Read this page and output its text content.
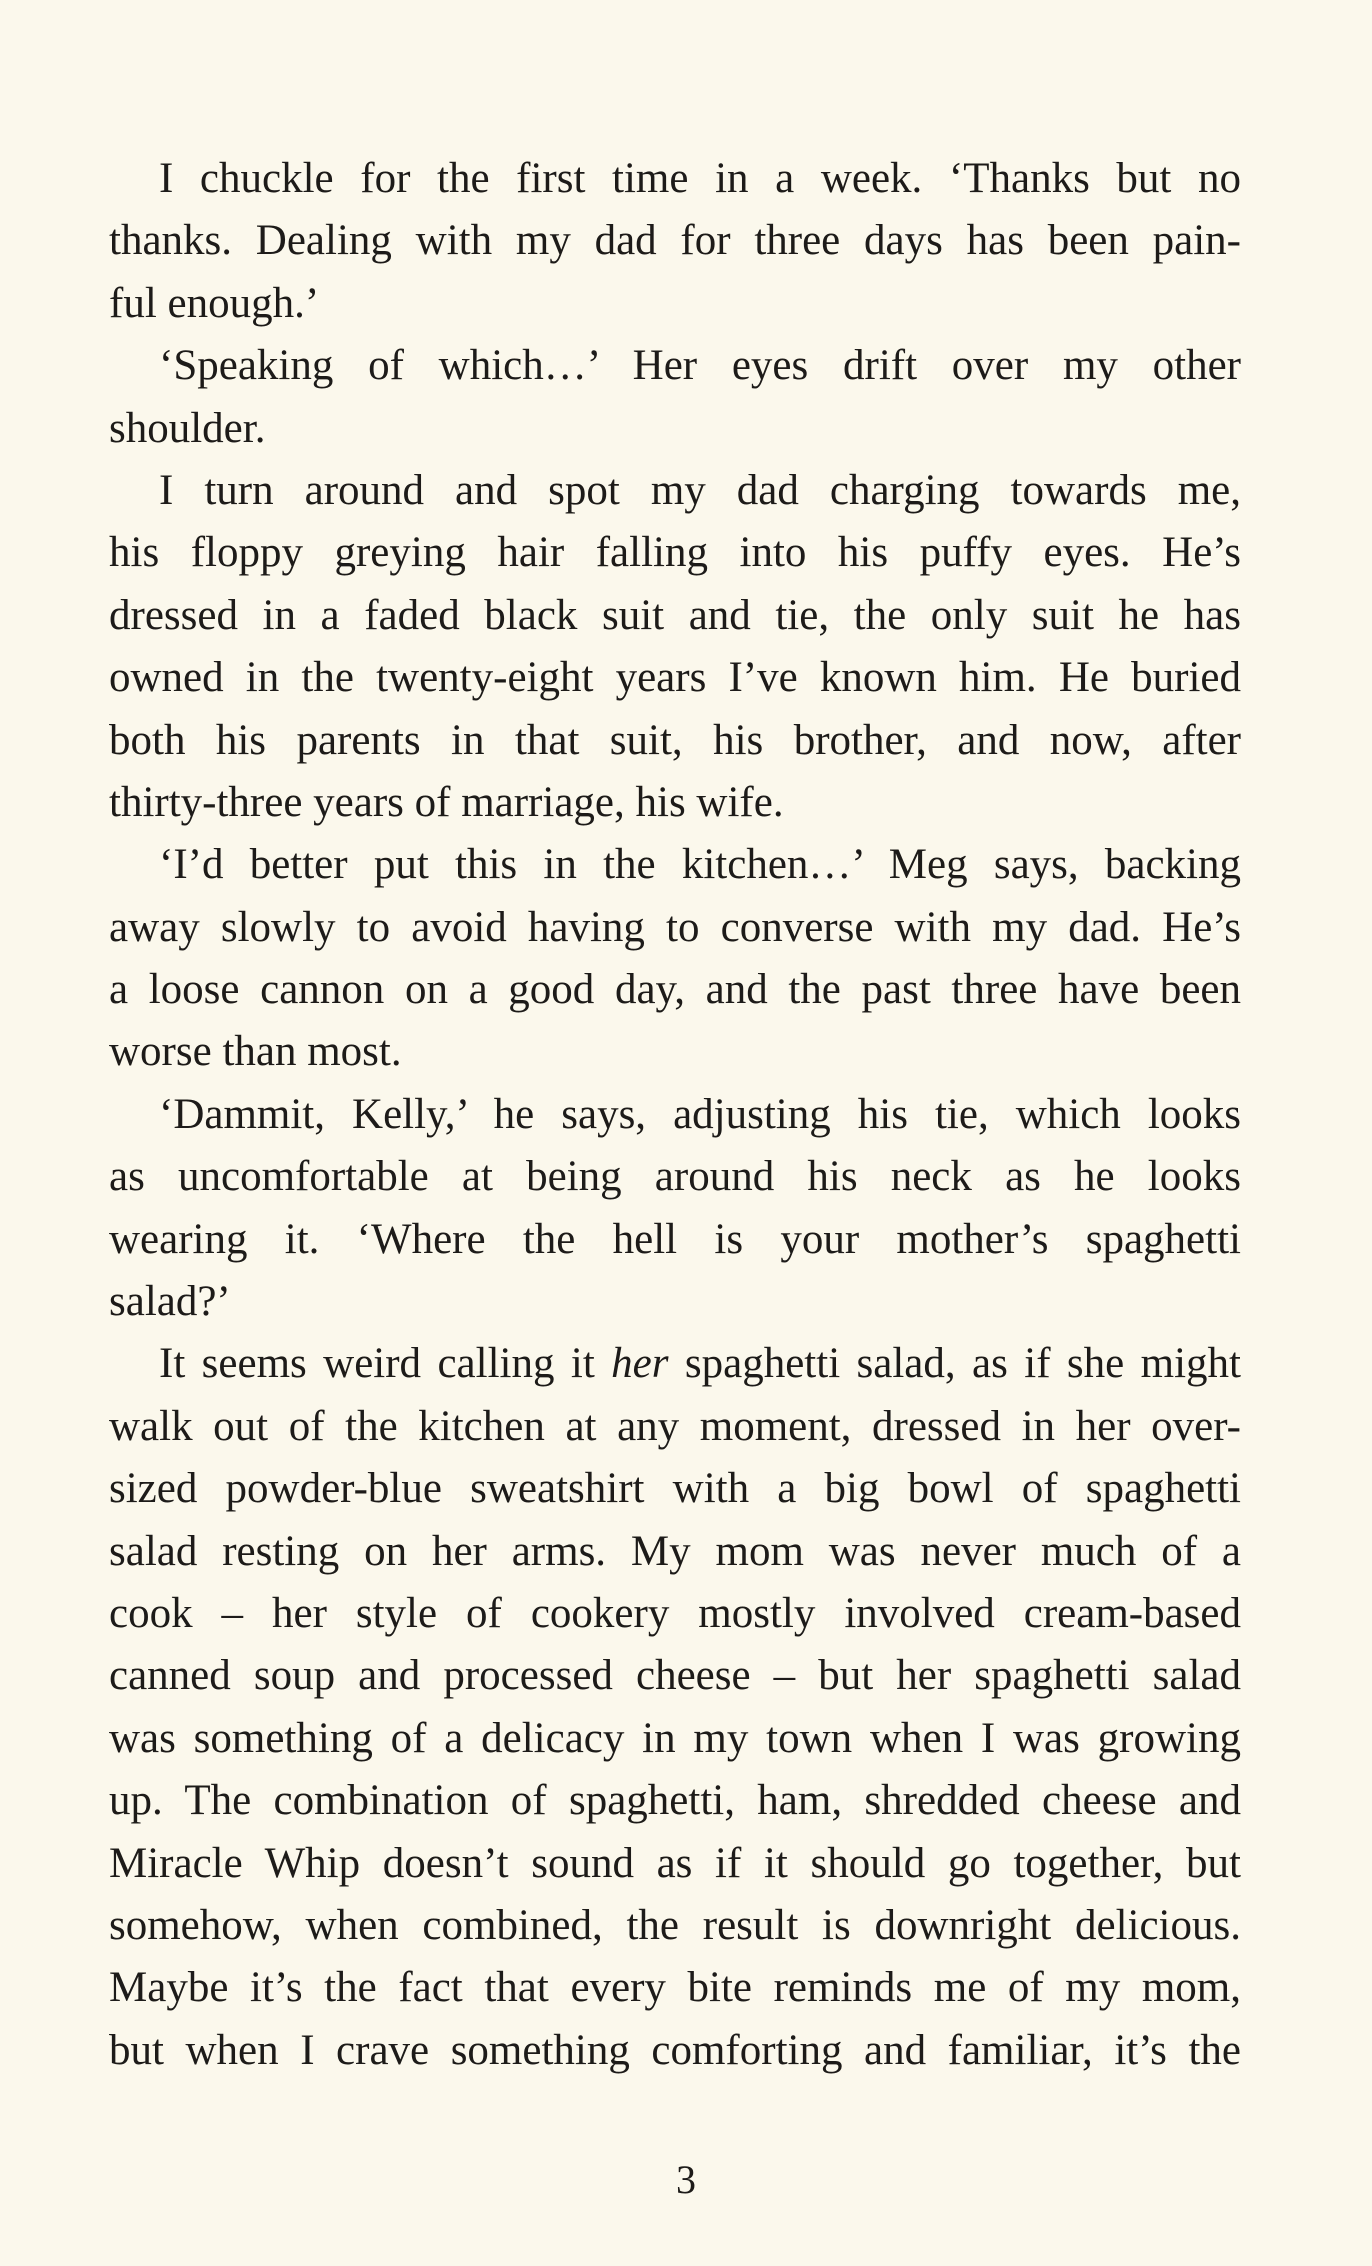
I chuckle for the first time in a week. ‘Thanks but no
thanks. Dealing with my dad for three days has been pain-
ful enough.’
‘Speaking of which…’ Her eyes drift over my other
shoulder.
I turn around and spot my dad charging towards me,
his floppy greying hair falling into his puffy eyes. He’s
dressed in a faded black suit and tie, the only suit he has
owned in the twenty-eight years I’ve known him. He buried
both his parents in that suit, his brother, and now, after
thirty-three years of marriage, his wife.
‘I’d better put this in the kitchen…’ Meg says, backing
away slowly to avoid having to converse with my dad. He’s
a loose cannon on a good day, and the past three have been
worse than most.
‘Dammit, Kelly,’ he says, adjusting his tie, which looks
as uncomfortable at being around his neck as he looks
wearing it. ‘Where the hell is your mother’s spaghetti
salad?’
It seems weird calling it her spaghetti salad, as if she might
walk out of the kitchen at any moment, dressed in her over-
sized powder-blue sweatshirt with a big bowl of spaghetti
salad resting on her arms. My mom was never much of a
cook – her style of cookery mostly involved cream-based
canned soup and processed cheese – but her spaghetti salad
was something of a delicacy in my town when I was growing
up. The combination of spaghetti, ham, shredded cheese and
Miracle Whip doesn’t sound as if it should go together, but
somehow, when combined, the result is downright delicious.
Maybe it’s the fact that every bite reminds me of my mom,
but when I crave something comforting and familiar, it’s the
3
